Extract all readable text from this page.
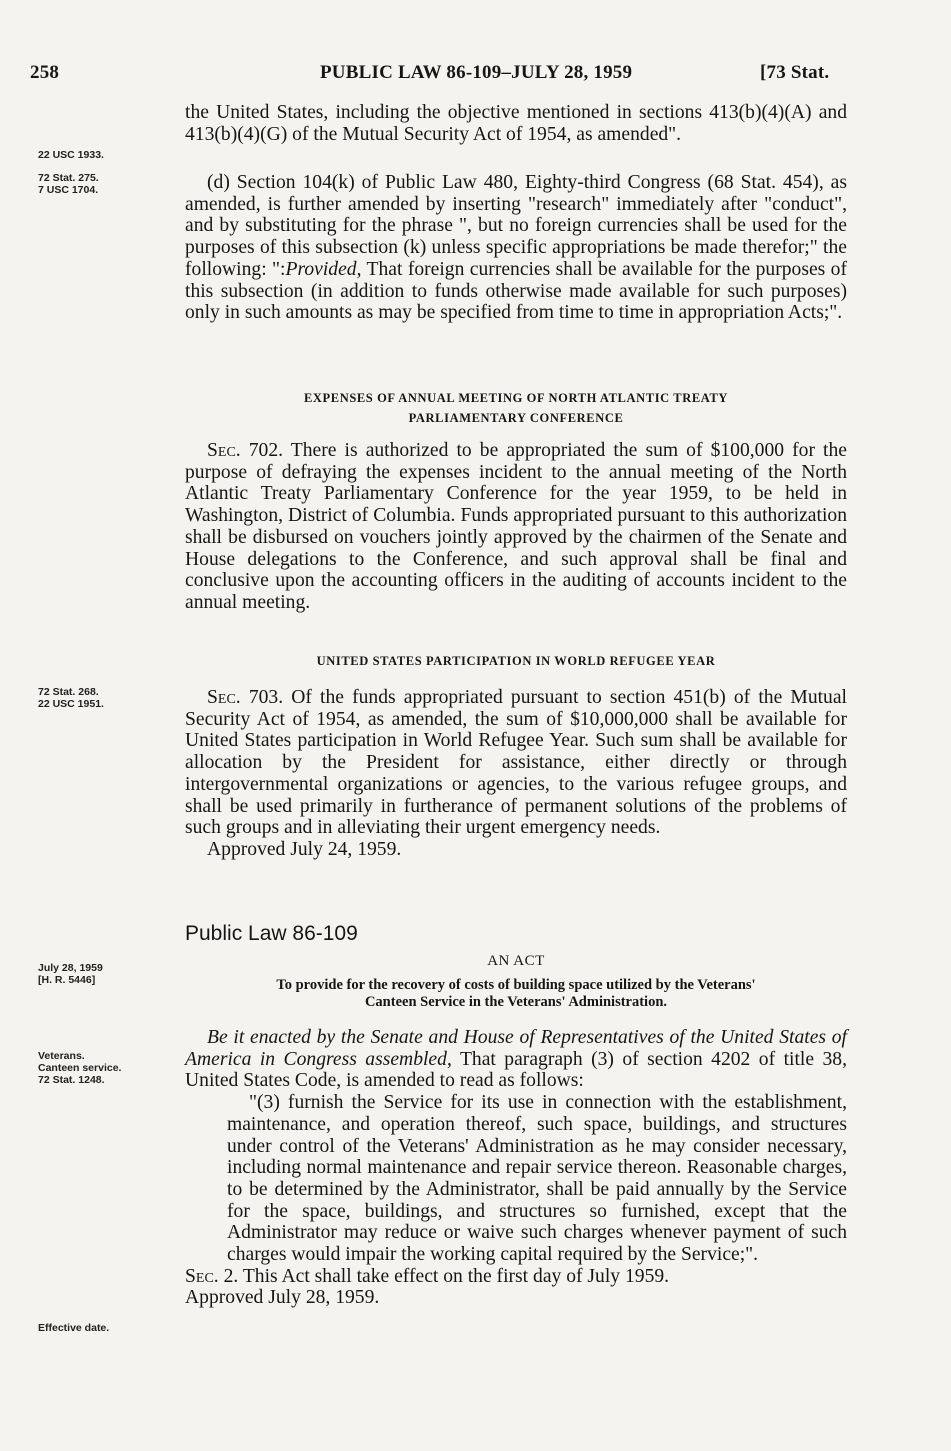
258	PUBLIC LAW 86-109–JULY 28, 1959	[73 Stat.
22 USC 1933.
72 Stat. 275.
7 USC 1704.
72 Stat. 268.
22 USC 1951.
July 28, 1959
[H. R. 5446]
Veterans.
Canteen service.
72 Stat. 1248.
Effective date.

the United States, including the objective mentioned in sections 413(b)(4)(A) and 413(b)(4)(G) of the Mutual Security Act of 1954, as amended".

(d) Section 104(k) of Public Law 480, Eighty-third Congress (68 Stat. 454), as amended, is further amended by inserting "research" immediately after "conduct", and by substituting for the phrase ", but no foreign currencies shall be used for the purposes of this subsection (k) unless specific appropriations be made therefor;" the following: ":Provided, That foreign currencies shall be available for the purposes of this subsection (in addition to funds otherwise made available for such purposes) only in such amounts as may be specified from time to time in appropriation Acts;".

EXPENSES OF ANNUAL MEETING OF NORTH ATLANTIC TREATY
PARLIAMENTARY CONFERENCE

Sec. 702. There is authorized to be appropriated the sum of $100,000 for the purpose of defraying the expenses incident to the annual meeting of the North Atlantic Treaty Parliamentary Conference for the year 1959, to be held in Washington, District of Columbia. Funds appropriated pursuant to this authorization shall be disbursed on vouchers jointly approved by the chairmen of the Senate and House delegations to the Conference, and such approval shall be final and conclusive upon the accounting officers in the auditing of accounts incident to the annual meeting.

UNITED STATES PARTICIPATION IN WORLD REFUGEE YEAR

Sec. 703. Of the funds appropriated pursuant to section 451(b) of the Mutual Security Act of 1954, as amended, the sum of $10,000,000 shall be available for United States participation in World Refugee Year. Such sum shall be available for allocation by the President for assistance, either directly or through intergovernmental organizations or agencies, to the various refugee groups, and shall be used primarily in furtherance of permanent solutions of the problems of such groups and in alleviating their urgent emergency needs.

Approved July 24, 1959.

Public Law 86-109
AN ACT
To provide for the recovery of costs of building space utilized by the Veterans'
Canteen Service in the Veterans' Administration.

Be it enacted by the Senate and House of Representatives of the United States of America in Congress assembled, That paragraph (3) of section 4202 of title 38, United States Code, is amended to read as follows:

"(3) furnish the Service for its use in connection with the establishment, maintenance, and operation thereof, such space, buildings, and structures under control of the Veterans' Administration as he may consider necessary, including normal maintenance and repair service thereon. Reasonable charges, to be determined by the Administrator, shall be paid annually by the Service for the space, buildings, and structures so furnished, except that the Administrator may reduce or waive such charges whenever payment of such charges would impair the working capital required by the Service;".

Sec. 2. This Act shall take effect on the first day of July 1959.

Approved July 28, 1959.
